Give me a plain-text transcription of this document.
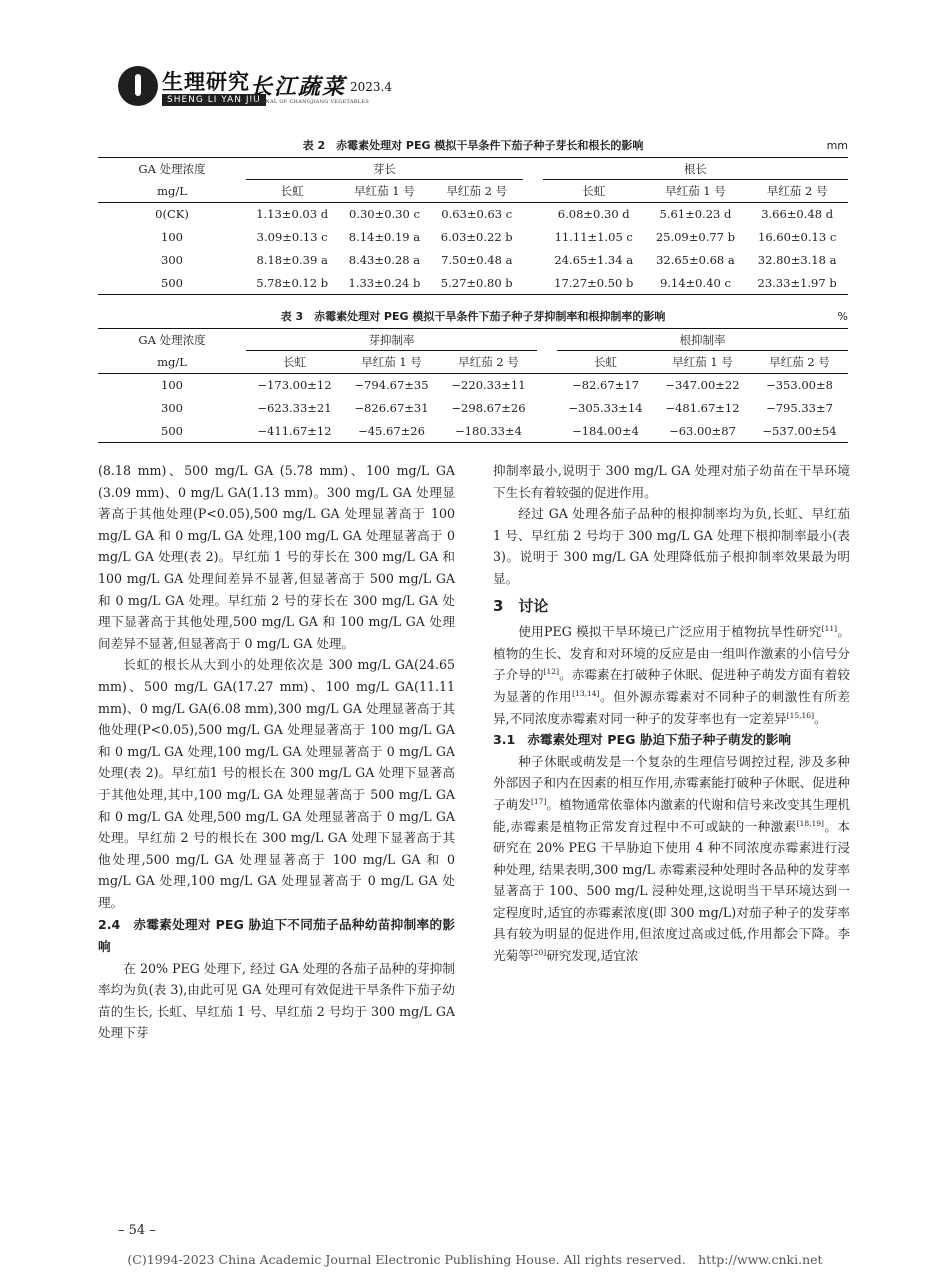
生理研究
SHENG LI YAN JIU
长江蔬菜
JOURNAL OF CHANGJIANG VEGETABLES
2023.4
表 2　赤霉素处理对 PEG 模拟干旱条件下茄子种子芽长和根长的影响	mm
GA 处理浓度	芽长				根长		
mg/L	长虹	早红茄 1 号	早红茄 2 号		长虹	早红茄 1 号	早红茄 2 号
0(CK)	1.13±0.03 d	0.30±0.30 c	0.63±0.63 c		6.08±0.30 d	5.61±0.23 d	3.66±0.48 d
100	3.09±0.13 c	8.14±0.19 a	6.03±0.22 b		11.11±1.05 c	25.09±0.77 b	16.60±0.13 c
300	8.18±0.39 a	8.43±0.28 a	7.50±0.48 a		24.65±1.34 a	32.65±0.68 a	32.80±3.18 a
500	5.78±0.12 b	1.33±0.24 b	5.27±0.80 b		17.27±0.50 b	9.14±0.40 c	23.33±1.97 b
表 3　赤霉素处理对 PEG 模拟干旱条件下茄子种子芽抑制率和根抑制率的影响	%
GA 处理浓度	芽抑制率				根抑制率		
mg/L	长虹	早红茄 1 号	早红茄 2 号		长虹	早红茄 1 号	早红茄 2 号
100	−173.00±12	−794.67±35	−220.33±11		−82.67±17	−347.00±22	−353.00±8
300	−623.33±21	−826.67±31	−298.67±26		−305.33±14	−481.67±12	−795.33±7
500	−411.67±12	−45.67±26	−180.33±4		−184.00±4	−63.00±87	−537.00±54

(8.18 mm)、500 mg/L GA (5.78 mm)、100 mg/L GA (3.09 mm)、0 mg/L GA(1.13 mm)。300 mg/L GA 处理显著高于其他处理(P<0.05),500 mg/L GA 处理显著高于 100 mg/L GA 和 0 mg/L GA 处理,100 mg/L GA 处理显著高于 0 mg/L GA 处理(表 2)。早红茄 1 号的芽长在 300 mg/L GA 和 100 mg/L GA 处理间差异不显著,但显著高于 500 mg/L GA 和 0 mg/L GA 处理。早红茄 2 号的芽长在 300 mg/L GA 处理下显著高于其他处理,500 mg/L GA 和 100 mg/L GA 处理间差异不显著,但显著高于 0 mg/L GA 处理。

长虹的根长从大到小的处理依次是 300 mg/L GA(24.65 mm)、500 mg/L GA(17.27 mm)、100 mg/L GA(11.11 mm)、0 mg/L GA(6.08 mm),300 mg/L GA 处理显著高于其他处理(P<0.05),500 mg/L GA 处理显著高于 100 mg/L GA 和 0 mg/L GA 处理,100 mg/L GA 处理显著高于 0 mg/L GA 处理(表 2)。早红茄1 号的根长在 300 mg/L GA 处理下显著高于其他处理,其中,100 mg/L GA 处理显著高于 500 mg/L GA 和 0 mg/L GA 处理,500 mg/L GA 处理显著高于 0 mg/L GA 处理。早红茄 2 号的根长在 300 mg/L GA 处理下显著高于其他处理,500 mg/L GA 处理显著高于 100 mg/L GA 和 0 mg/L GA 处理,100 mg/L GA 处理显著高于 0 mg/L GA 处理。

2.4 赤霉素处理对 PEG 胁迫下不同茄子品种幼苗抑制率的影响

在 20% PEG 处理下, 经过 GA 处理的各茄子品种的芽抑制率均为负(表 3),由此可见 GA 处理可有效促进干旱条件下茄子幼苗的生长, 长虹、早红茄 1 号、早红茄 2 号均于 300 mg/L GA 处理下芽

抑制率最小,说明于 300 mg/L GA 处理对茄子幼苗在干旱环境下生长有着较强的促进作用。

经过 GA 处理各茄子品种的根抑制率均为负,长虹、早红茄 1 号、早红茄 2 号均于 300 mg/L GA 处理下根抑制率最小(表 3)。说明于 300 mg/L GA 处理降低茄子根抑制率效果最为明显。

3　讨论

使用PEG 模拟干旱环境已广泛应用于植物抗旱性研究[11]。植物的生长、发育和对环境的反应是由一组叫作激素的小信号分子介导的[12]。赤霉素在打破种子休眠、促进种子萌发方面有着较为显著的作用[13,14]。但外源赤霉素对不同种子的刺激性有所差异,不同浓度赤霉素对同一种子的发芽率也有一定差异[15,16]。

3.1 赤霉素处理对 PEG 胁迫下茄子种子萌发的影响

种子休眠或萌发是一个复杂的生理信号调控过程, 涉及多种外部因子和内在因素的相互作用,赤霉素能打破种子休眠、促进种子萌发[17]。植物通常依靠体内激素的代谢和信号来改变其生理机能,赤霉素是植物正常发育过程中不可或缺的一种激素[18,19]。本研究在 20% PEG 干旱胁迫下使用 4 种不同浓度赤霉素进行浸种处理, 结果表明,300 mg/L 赤霉素浸种处理时各品种的发芽率显著高于 100、500 mg/L 浸种处理,这说明当干旱环境达到一定程度时,适宜的赤霉素浓度(即 300 mg/L)对茄子种子的发芽率具有较为明显的促进作用,但浓度过高或过低,作用都会下降。李光菊等[20]研究发现,适宜浓

– 54 –
(C)1994-2023 China Academic Journal Electronic Publishing House. All rights reserved.　http://www.cnki.net
